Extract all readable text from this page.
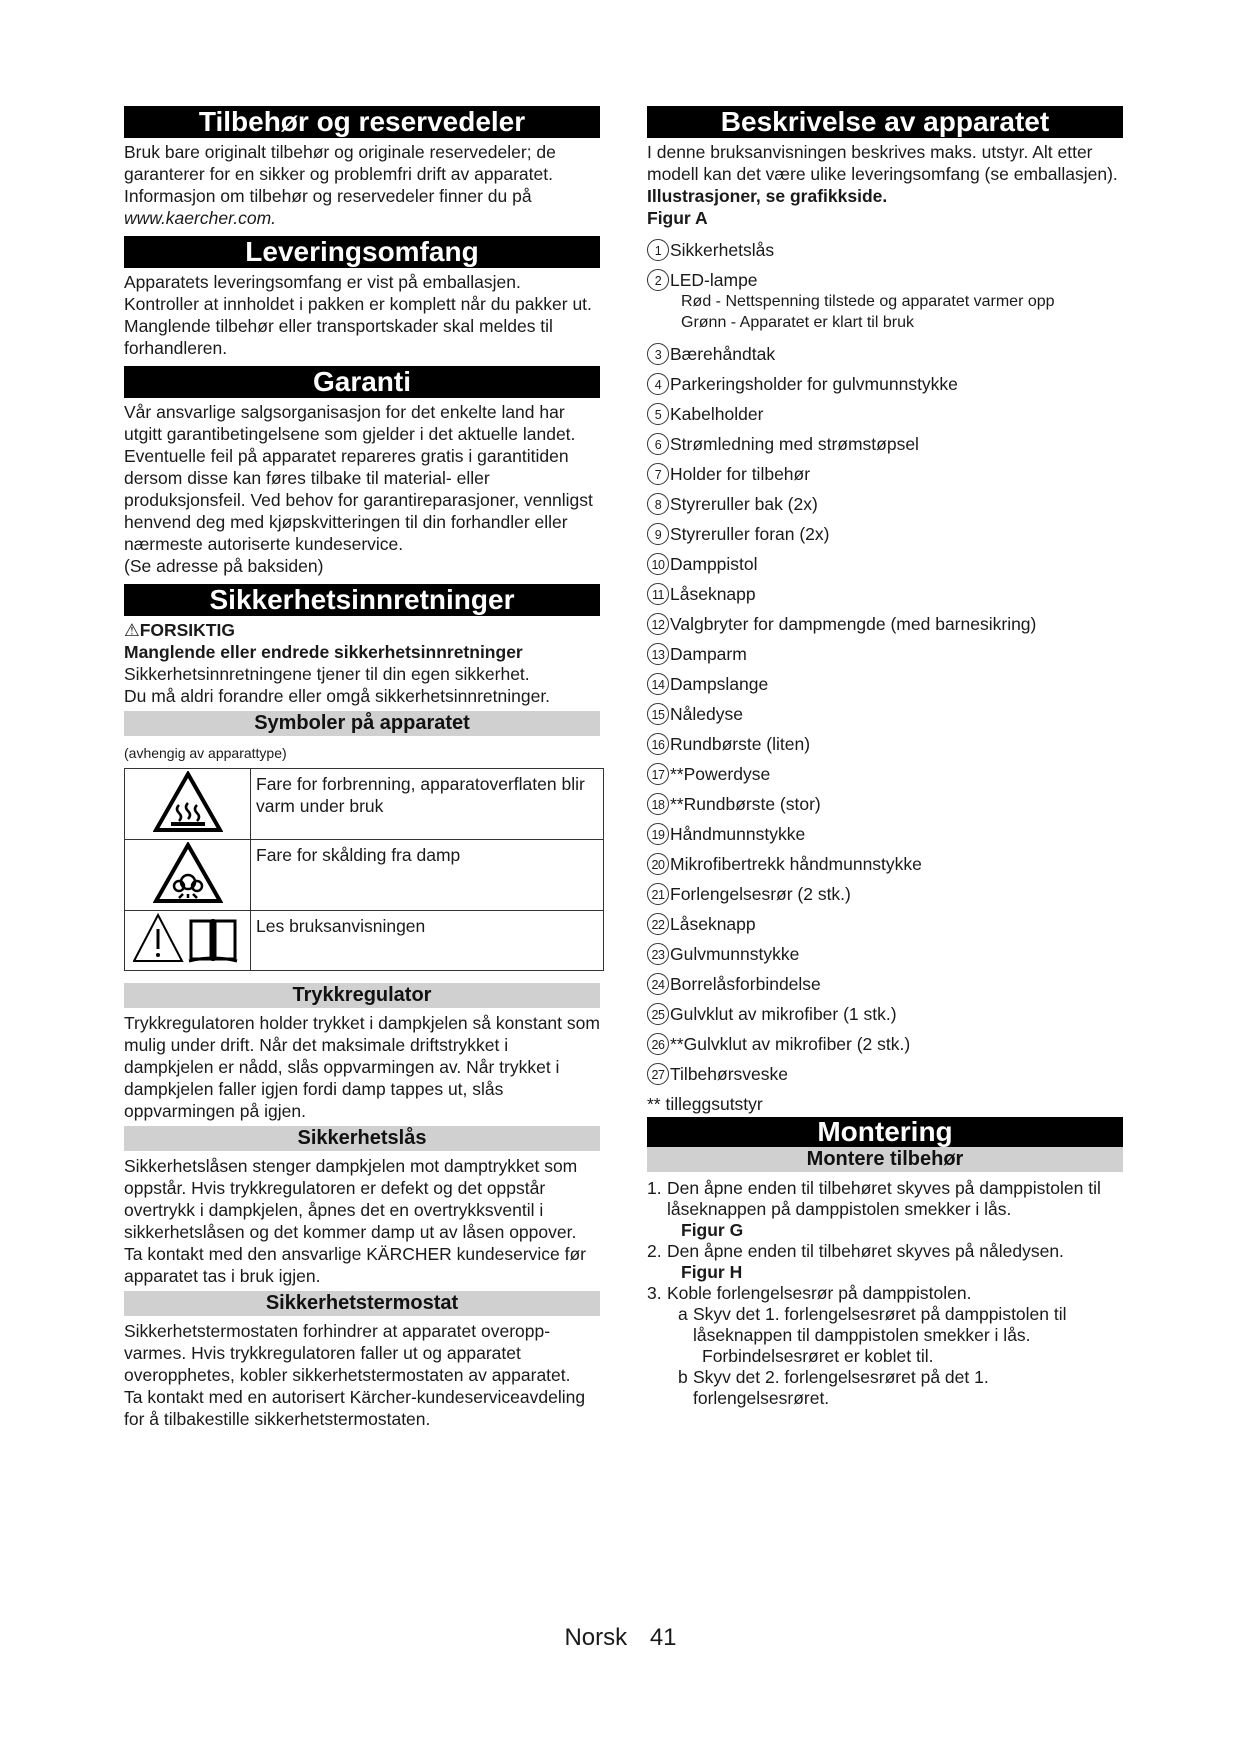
Tilbehør og reservedeler

Bruk bare originalt tilbehør og originale reservedeler; de garanterer for en sikker og problemfri drift av apparatet. Informasjon om tilbehør og reservedeler finner du på www.kaercher.com.

Leveringsomfang

Apparatets leveringsomfang er vist på emballasjen. Kontroller at innholdet i pakken er komplett når du pakker ut. Manglende tilbehør eller transportskader skal meldes til forhandleren.

Garanti

Vår ansvarlige salgsorganisasjon for det enkelte land har utgitt garantibetingelsene som gjelder i det aktuelle landet. Eventuelle feil på apparatet repareres gratis i garantitiden dersom disse kan føres tilbake til material- eller produksjonsfeil. Ved behov for garantireparasjoner, vennligst henvend deg med kjøpskvitteringen til din forhandler eller nærmeste autoriserte kundeservice.

(Se adresse på baksiden)

Sikkerhetsinnretninger

⚠FORSIKTIG

Manglende eller endrede sikkerhetsinnretninger

Sikkerhetsinnretningene tjener til din egen sikkerhet.

Du må aldri forandre eller omgå sikkerhetsinnretninger.

Symboler på apparatet

(avhengig av apparattype)

	Fare for forbrenning, apparatoverflaten blir varm under bruk
	Fare for skålding fra damp
	Les bruksanvisningen
Trykkregulator

Trykkregulatoren holder trykket i dampkjelen så konstant som mulig under drift. Når det maksimale driftstrykket i dampkjelen er nådd, slås oppvarmingen av. Når trykket i dampkjelen faller igjen fordi damp tappes ut, slås oppvarmingen på igjen.

Sikkerhetslås

Sikkerhetslåsen stenger dampkjelen mot damptrykket som oppstår. Hvis trykkregulatoren er defekt og det oppstår overtrykk i dampkjelen, åpnes det en overtrykksventil i sikkerhetslåsen og det kommer damp ut av låsen oppover.

Ta kontakt med den ansvarlige KÄRCHER kundeservice før apparatet tas i bruk igjen.

Sikkerhetstermostat

Sikkerhetstermostaten forhindrer at apparatet overopp- varmes. Hvis trykkregulatoren faller ut og apparatet overopphetes, kobler sikkerhetstermostaten av apparatet.

Ta kontakt med en autorisert Kärcher-kundeserviceavdeling for å tilbakestille sikkerhetstermostaten.

Beskrivelse av apparatet

I denne bruksanvisningen beskrives maks. utstyr. Alt etter modell kan det være ulike leveringsomfang (se emballasjen).

Illustrasjoner, se grafikkside.

Figur A

1 Sikkerhetslås
2 LED-lampe
Rød - Nettspenning tilstede og apparatet varmer opp
Grønn - Apparatet er klart til bruk
3 Bærehåndtak
4 Parkeringsholder for gulvmunnstykke
5 Kabelholder
6 Strømledning med strømstøpsel
7 Holder for tilbehør
8 Styreruller bak (2x)
9 Styreruller foran (2x)
10 Damppistol
11 Låseknapp
12 Valgbryter for dampmengde (med barnesikring)
13 Damparm
14 Dampslange
15 Nåledyse
16 Rundbørste (liten)
17 **Powerdyse
18 **Rundbørste (stor)
19 Håndmunnstykke
20 Mikrofibertrekk håndmunnstykke
21 Forlengelsesrør (2 stk.)
22 Låseknapp
23 Gulvmunnstykke
24 Borrelåsforbindelse
25 Gulvklut av mikrofiber (1 stk.)
26 **Gulvklut av mikrofiber (2 stk.)
27 Tilbehørsveske

** tilleggsutstyr

Montering
Montere tilbehør
1. Den åpne enden til tilbehøret skyves på damppistolen til låseknappen på damppistolen smekker i lås.
Figur G
2. Den åpne enden til tilbehøret skyves på nåledysen.
Figur H
3. Koble forlengelsesrør på damppistolen.
a Skyv det 1. forlengelsesrøret på damppistolen til låseknappen til damppistolen smekker i lås.
Forbindelsesrøret er koblet til.
b Skyv det 2. forlengelsesrøret på det 1. forlengelsesrøret.
Norsk 41
